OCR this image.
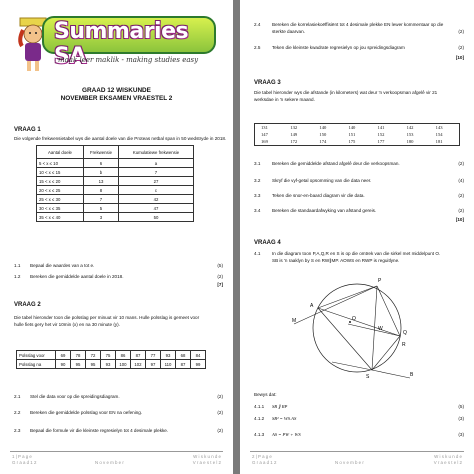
Summaries SA
maak leer maklik - making studies easy
GRAAD 12 WISKUNDE
NOVEMBER EKSAMEN VRAESTEL 2
VRAAG 1
Die volgende frekwensietabel wys die aantal doele van die Proteas netbal span in 50 wedstryde in 2018.
Aantal doele	Frekwensie	Kumulatiewe frekwensie
5 < x ≤ 10	6	a
10 < x ≤ 15	b	7
15 < x ≤ 20	13	27
20 < x ≤ 25	8	c
25 < x ≤ 30	7	42
30 < x ≤ 35	5	47
35 < x ≤ 40	3	50
1.1 Bepaal die waardes van a tot e.	(5)
1.2 Bereken die gemiddelde aantal doele in 2018.	(2)
[7]
VRAAG 2
Die tabel hieronder toon die polsslag per minuut vir 10 mans. Hulle polsslag is gemeet voor
hulle fiets gery het vir 10min (x) en na 30 minute (y).
Polsslag voor	69	78	72	75	86	87	77	93	68	84
Polsslag na	90	95	95	93	100	102	97	110	87	99
2.1 Stel die data voor op die spreidingsdiagram.	(2)
2.2 Bereken die gemiddelde polsslag voor EN na oefening.	(2)
2.3 Bepaal die formule vir die kleinste regresielyn tot 4 desimale plekke.	(2)
1 | P a g e
G r a a d 1 2	N o v e m b e r
W i s k u n d e
V r a e s t e l 2
2.4	Bereken die korrelasiekoëffisiënt tot 4 desimale plekke EN lewer kommentaar op die
sterkte daarvan.	(2)
2.5	Teken die kleinste kwadrate regresielyn op jou spreidingsdiagram	(2)
[10]
VRAAG 3
Die tabel hieronder wys die afstande (in kilometers) wat deur 'n verkoopsman afgelê vir 21
werksdae in 'n sekere maand.
131	132	140	140	141	142	143
147	149	150	151	152	153	154
169	172	174	175	177	180	181
3.1	Bereken die gemiddelde afstand afgelê deur die verkoopsman.	(2)
3.2	Skryf die vyf-getal opsomming van die data neer.	(4)
3.3	Teken die snor-en-baard diagram vir die data.	(2)
3.4	Bereken die standaardafwyking van afstand gereis.	(2)
[10]
VRAAG 4
4.1	In die diagram toon P,A,Q,R en S is op die omtrek van die sirkel met middelpunt O.
SB is 'n raaklyn by S en RW∥MP. AOWS en RWP is reguitlyne.
P
Q
A
R
S	B
M	O
W
Bewys dat:
4.1.1 SB ∥ RP	(5)
4.1.2 SB² = WS.AS	(3)
4.1.3 AS = PW + WS	(3)
2 | P a g e
G r a a d 1 2	N o v e m b e r
W i s k u n d e
V r a e s t e l 2
